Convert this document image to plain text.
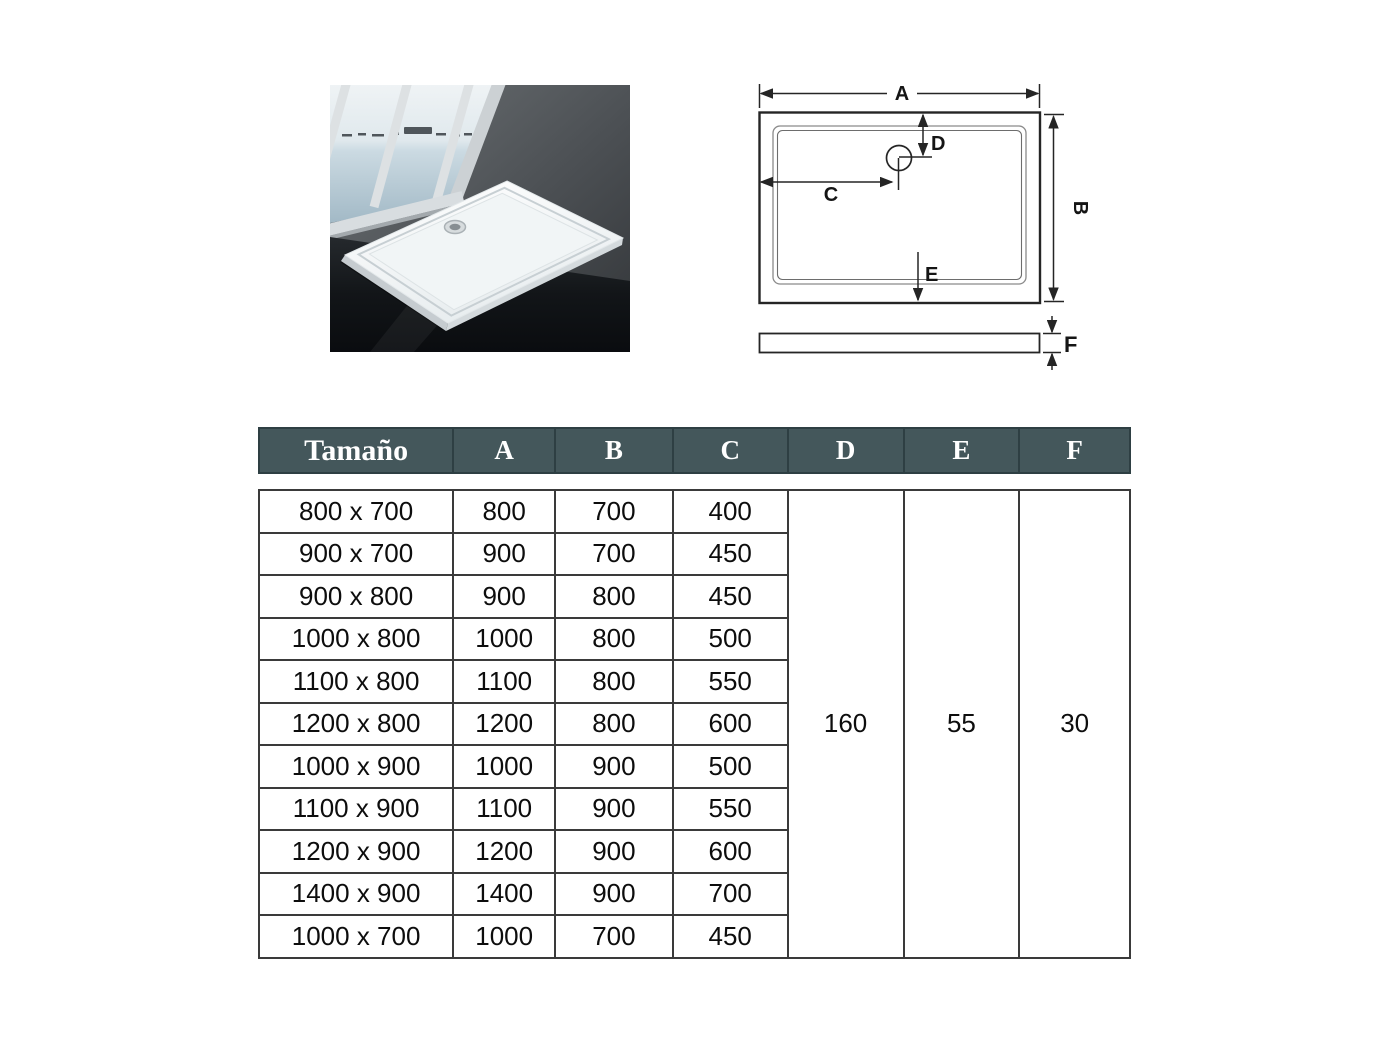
A
B
C
D
E
F
Tamaño	A	B	C	D	E	F
800 x 700	800	700	400	160	55	30
900 x 700	900	700	450			
900 x 800	900	800	450			
1000 x 800	1000	800	500			
1100 x 800	1100	800	550			
1200 x 800	1200	800	600			
1000 x 900	1000	900	500			
1100 x 900	1100	900	550			
1200 x 900	1200	900	600			
1400 x 900	1400	900	700			
1000 x 700	1000	700	450			
